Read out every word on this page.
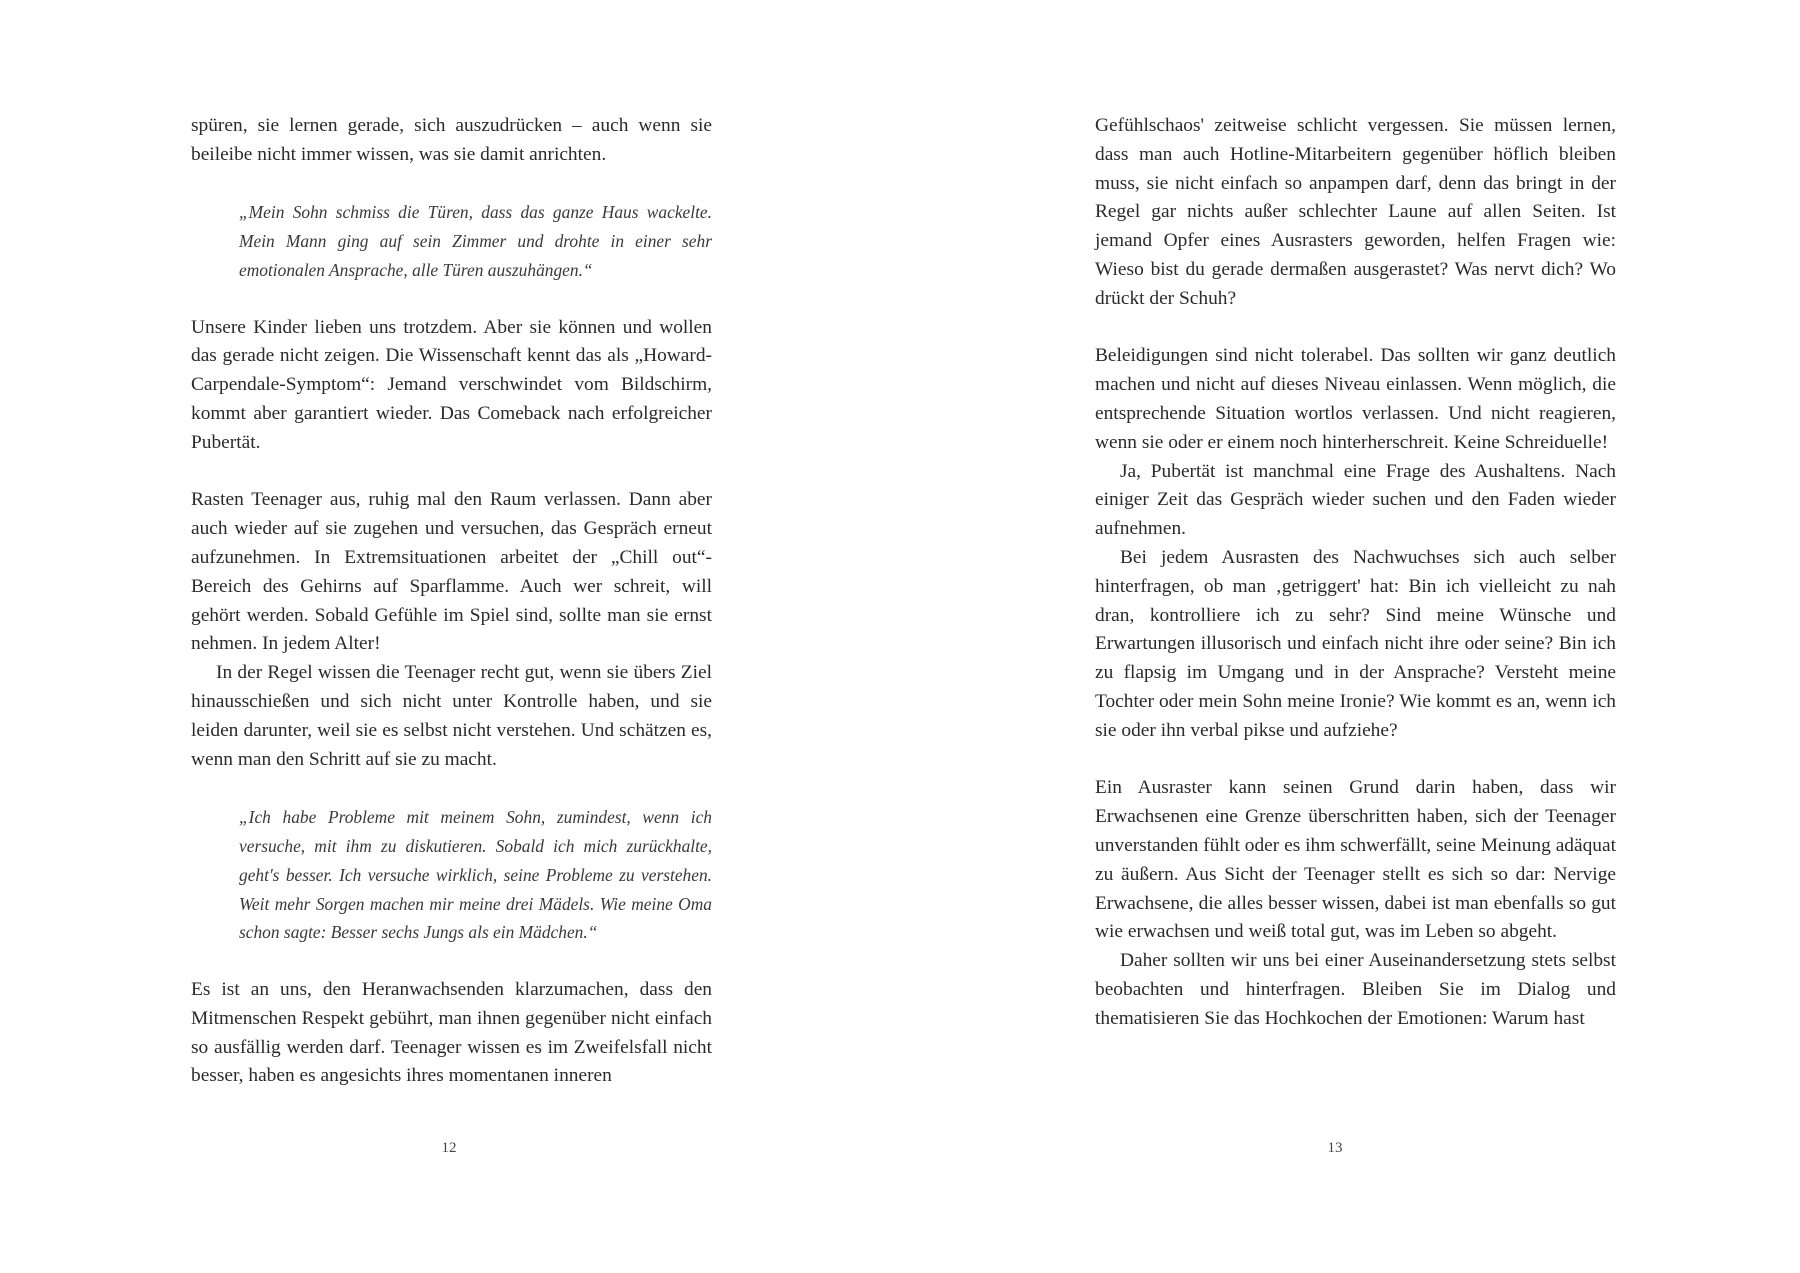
spüren, sie lernen gerade, sich auszudrücken – auch wenn sie beileibe nicht immer wissen, was sie damit anrichten.

„Mein Sohn schmiss die Türen, dass das ganze Haus wackelte. Mein Mann ging auf sein Zimmer und drohte in einer sehr emotionalen Ansprache, alle Türen auszuhängen.“

Unsere Kinder lieben uns trotzdem. Aber sie können und wollen das gerade nicht zeigen. Die Wissenschaft kennt das als „Howard-Carpendale-Symptom“: Jemand verschwindet vom Bildschirm, kommt aber garantiert wieder. Das Comeback nach erfolgreicher Pubertät.

Rasten Teenager aus, ruhig mal den Raum verlassen. Dann aber auch wieder auf sie zugehen und versuchen, das Gespräch erneut aufzunehmen. In Extremsituationen arbeitet der „Chill out“-Bereich des Gehirns auf Sparflamme. Auch wer schreit, will gehört werden. Sobald Gefühle im Spiel sind, sollte man sie ernst nehmen. In jedem Alter!

In der Regel wissen die Teenager recht gut, wenn sie übers Ziel hinausschießen und sich nicht unter Kontrolle haben, und sie leiden darunter, weil sie es selbst nicht verstehen. Und schätzen es, wenn man den Schritt auf sie zu macht.

„Ich habe Probleme mit meinem Sohn, zumindest, wenn ich versuche, mit ihm zu diskutieren. Sobald ich mich zurückhalte, geht's besser. Ich versuche wirklich, seine Probleme zu verstehen. Weit mehr Sorgen machen mir meine drei Mädels. Wie meine Oma schon sagte: Besser sechs Jungs als ein Mädchen.“

Es ist an uns, den Heranwachsenden klarzumachen, dass den Mitmenschen Respekt gebührt, man ihnen gegenüber nicht einfach so ausfällig werden darf. Teenager wissen es im Zweifelsfall nicht besser, haben es angesichts ihres momentanen inneren

12

Gefühlschaos' zeitweise schlicht vergessen. Sie müssen lernen, dass man auch Hotline-Mitarbeitern gegenüber höflich bleiben muss, sie nicht einfach so anpampen darf, denn das bringt in der Regel gar nichts außer schlechter Laune auf allen Seiten. Ist jemand Opfer eines Ausrasters geworden, helfen Fragen wie: Wieso bist du gerade dermaßen ausgerastet? Was nervt dich? Wo drückt der Schuh?

Beleidigungen sind nicht tolerabel. Das sollten wir ganz deutlich machen und nicht auf dieses Niveau einlassen. Wenn möglich, die entsprechende Situation wortlos verlassen. Und nicht reagieren, wenn sie oder er einem noch hinterherschreit. Keine Schreiduelle!

Ja, Pubertät ist manchmal eine Frage des Aushaltens. Nach einiger Zeit das Gespräch wieder suchen und den Faden wieder aufnehmen.

Bei jedem Ausrasten des Nachwuchses sich auch selber hinterfragen, ob man ‚getriggert' hat: Bin ich vielleicht zu nah dran, kontrolliere ich zu sehr? Sind meine Wünsche und Erwartungen illusorisch und einfach nicht ihre oder seine? Bin ich zu flapsig im Umgang und in der Ansprache? Versteht meine Tochter oder mein Sohn meine Ironie? Wie kommt es an, wenn ich sie oder ihn verbal pikse und aufziehe?

Ein Ausraster kann seinen Grund darin haben, dass wir Erwachsenen eine Grenze überschritten haben, sich der Teenager unverstanden fühlt oder es ihm schwerfällt, seine Meinung adäquat zu äußern. Aus Sicht der Teenager stellt es sich so dar: Nervige Erwachsene, die alles besser wissen, dabei ist man ebenfalls so gut wie erwachsen und weiß total gut, was im Leben so abgeht.

Daher sollten wir uns bei einer Auseinandersetzung stets selbst beobachten und hinterfragen. Bleiben Sie im Dialog und thematisieren Sie das Hochkochen der Emotionen: Warum hast

13
